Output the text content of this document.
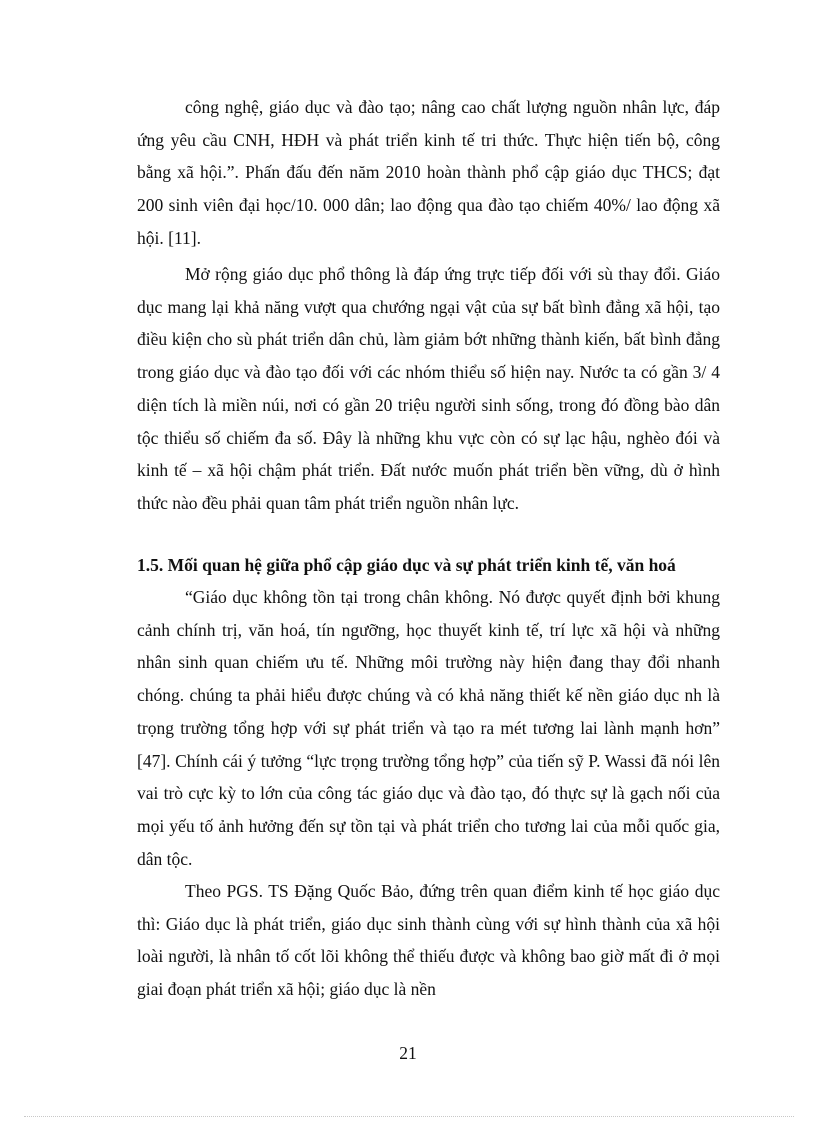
công nghệ, giáo dục và đào tạo; nâng cao chất lượng nguồn nhân lực, đáp ứng yêu cầu CNH, HĐH và phát triển kinh tế tri thức. Thực hiện tiến bộ, công bằng xã hội.”. Phấn đấu đến năm 2010 hoàn thành phổ cập giáo dục THCS; đạt 200 sinh viên đại học/10. 000 dân; lao động qua đào tạo chiếm 40%/ lao động xã hội. [11].

Mở rộng giáo dục phổ thông là đáp ứng trực tiếp đối với sù thay đổi. Giáo dục mang lại khả năng vượt qua chướng ngại vật của sự bất bình đẳng xã hội, tạo điều kiện cho sù phát triển dân chủ, làm giảm bớt những thành kiến, bất bình đẳng trong giáo dục và đào tạo đối với các nhóm thiểu số hiện nay. Nước ta có gần 3/ 4 diện tích là miền núi, nơi có gần 20 triệu người sinh sống, trong đó đồng bào dân tộc thiểu số chiếm đa số. Đây là những khu vực còn có sự lạc hậu, nghèo đói và kinh tế – xã hội chậm phát triển. Đất nước muốn phát triển bền vững, dù ở hình thức nào đều phải quan tâm phát triển nguồn nhân lực.

1.5. Mối quan hệ giữa phổ cập giáo dục và sự phát triển kinh tế, văn hoá

“Giáo dục không tồn tại trong chân không. Nó được quyết định bởi khung cảnh chính trị, văn hoá, tín ngưỡng, học thuyết kinh tế, trí lực xã hội và những nhân sinh quan chiếm ưu tế. Những môi trường này hiện đang thay đổi nhanh chóng. chúng ta phải hiểu được chúng và có khả năng thiết kế nền giáo dục nh là trọng trường tổng hợp với sự phát triển và tạo ra mét tương lai lành mạnh hơn” [47]. Chính cái ý tưởng “lực trọng trường tổng hợp” của tiến sỹ P. Wassi đã nói lên vai trò cực kỳ to lớn của công tác giáo dục và đào tạo, đó thực sự là gạch nối của mọi yếu tố ảnh hưởng đến sự tồn tại và phát triển cho tương lai của mỗi quốc gia, dân tộc.

Theo PGS. TS Đặng Quốc Bảo, đứng trên quan điểm kinh tế học giáo dục thì: Giáo dục là phát triển, giáo dục sinh thành cùng với sự hình thành của xã hội loài người, là nhân tố cốt lõi không thể thiếu được và không bao giờ mất đi ở mọi giai đoạn phát triển xã hội; giáo dục là nền

21
